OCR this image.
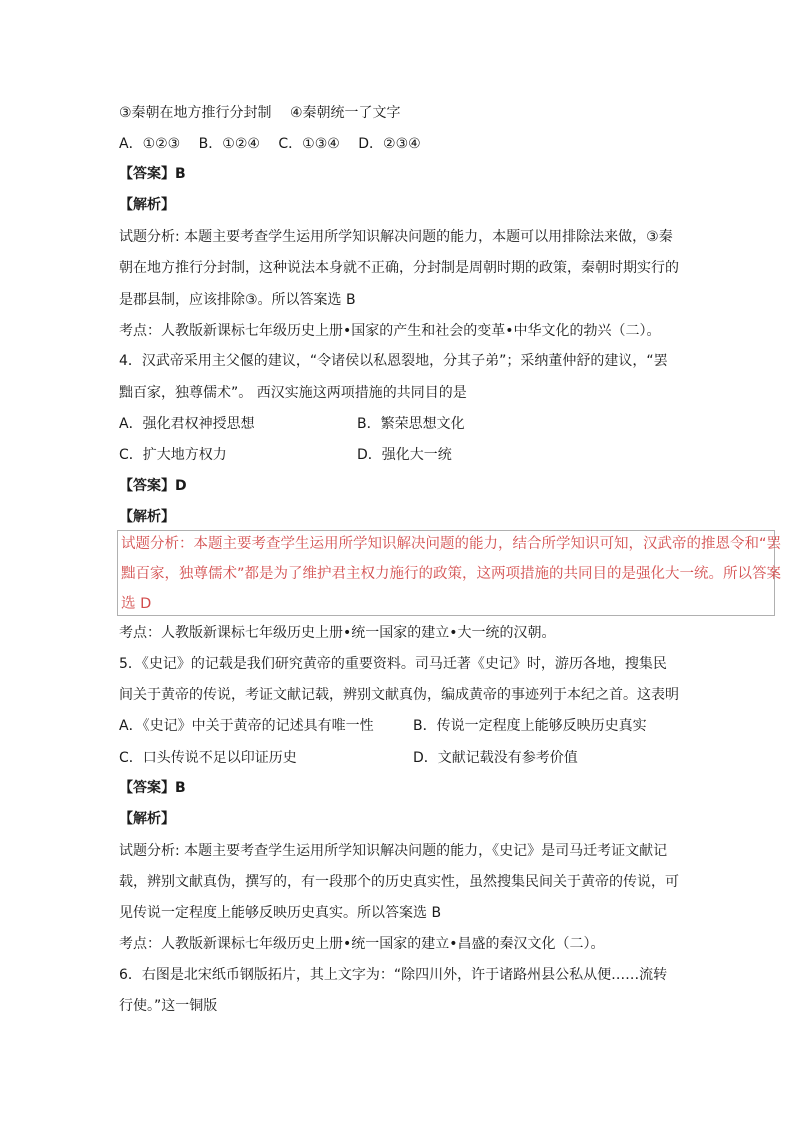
③秦朝在地方推行分封制　 ④秦朝统一了文字
A．①②③　 B．①②④　 C．①③④　 D．②③④
【答案】B
【解析】
试题分析: 本题主要考查学生运用所学知识解决问题的能力，本题可以用排除法来做，③秦
朝在地方推行分封制，这种说法本身就不正确，分封制是周朝时期的政策，秦朝时期实行的
是郡县制，应该排除③。所以答案选 B
考点：人教版新课标七年级历史上册•国家的产生和社会的变革•中华文化的勃兴（二）。
4．汉武帝采用主父偃的建议，“令诸侯以私恩裂地，分其子弟”；采纳董仲舒的建议，“罢
黜百家，独尊儒术”。 西汉实施这两项措施的共同目的是
A．强化君权神授思想	B．繁荣思想文化
C．扩大地方权力	D．强化大一统
【答案】D
【解析】
试题分析：本题主要考查学生运用所学知识解决问题的能力，结合所学知识可知，汉武帝的推恩令和“罢
黜百家，独尊儒术”都是为了维护君主权力施行的政策，这两项措施的共同目的是强化大一统。所以答案
选 D
考点：人教版新课标七年级历史上册•统一国家的建立•大一统的汉朝。
5．《史记》的记载是我们研究黄帝的重要资料。司马迁著《史记》时，游历各地，搜集民
间关于黄帝的传说，考证文献记载，辨别文献真伪，编成黄帝的事迹列于本纪之首。这表明
A．《史记》中关于黄帝的记述具有唯一性	B．传说一定程度上能够反映历史真实
C．口头传说不足以印证历史	D．文献记载没有参考价值
【答案】B
【解析】
试题分析: 本题主要考查学生运用所学知识解决问题的能力，《史记》是司马迁考证文献记
载，辨别文献真伪，撰写的，有一段那个的历史真实性，虽然搜集民间关于黄帝的传说，可
见传说一定程度上能够反映历史真实。所以答案选 B
考点：人教版新课标七年级历史上册•统一国家的建立•昌盛的秦汉文化（二）。
6．右图是北宋纸币钢版拓片，其上文字为：“除四川外，许于诸路州县公私从便……流转
行使。”这一铜版
